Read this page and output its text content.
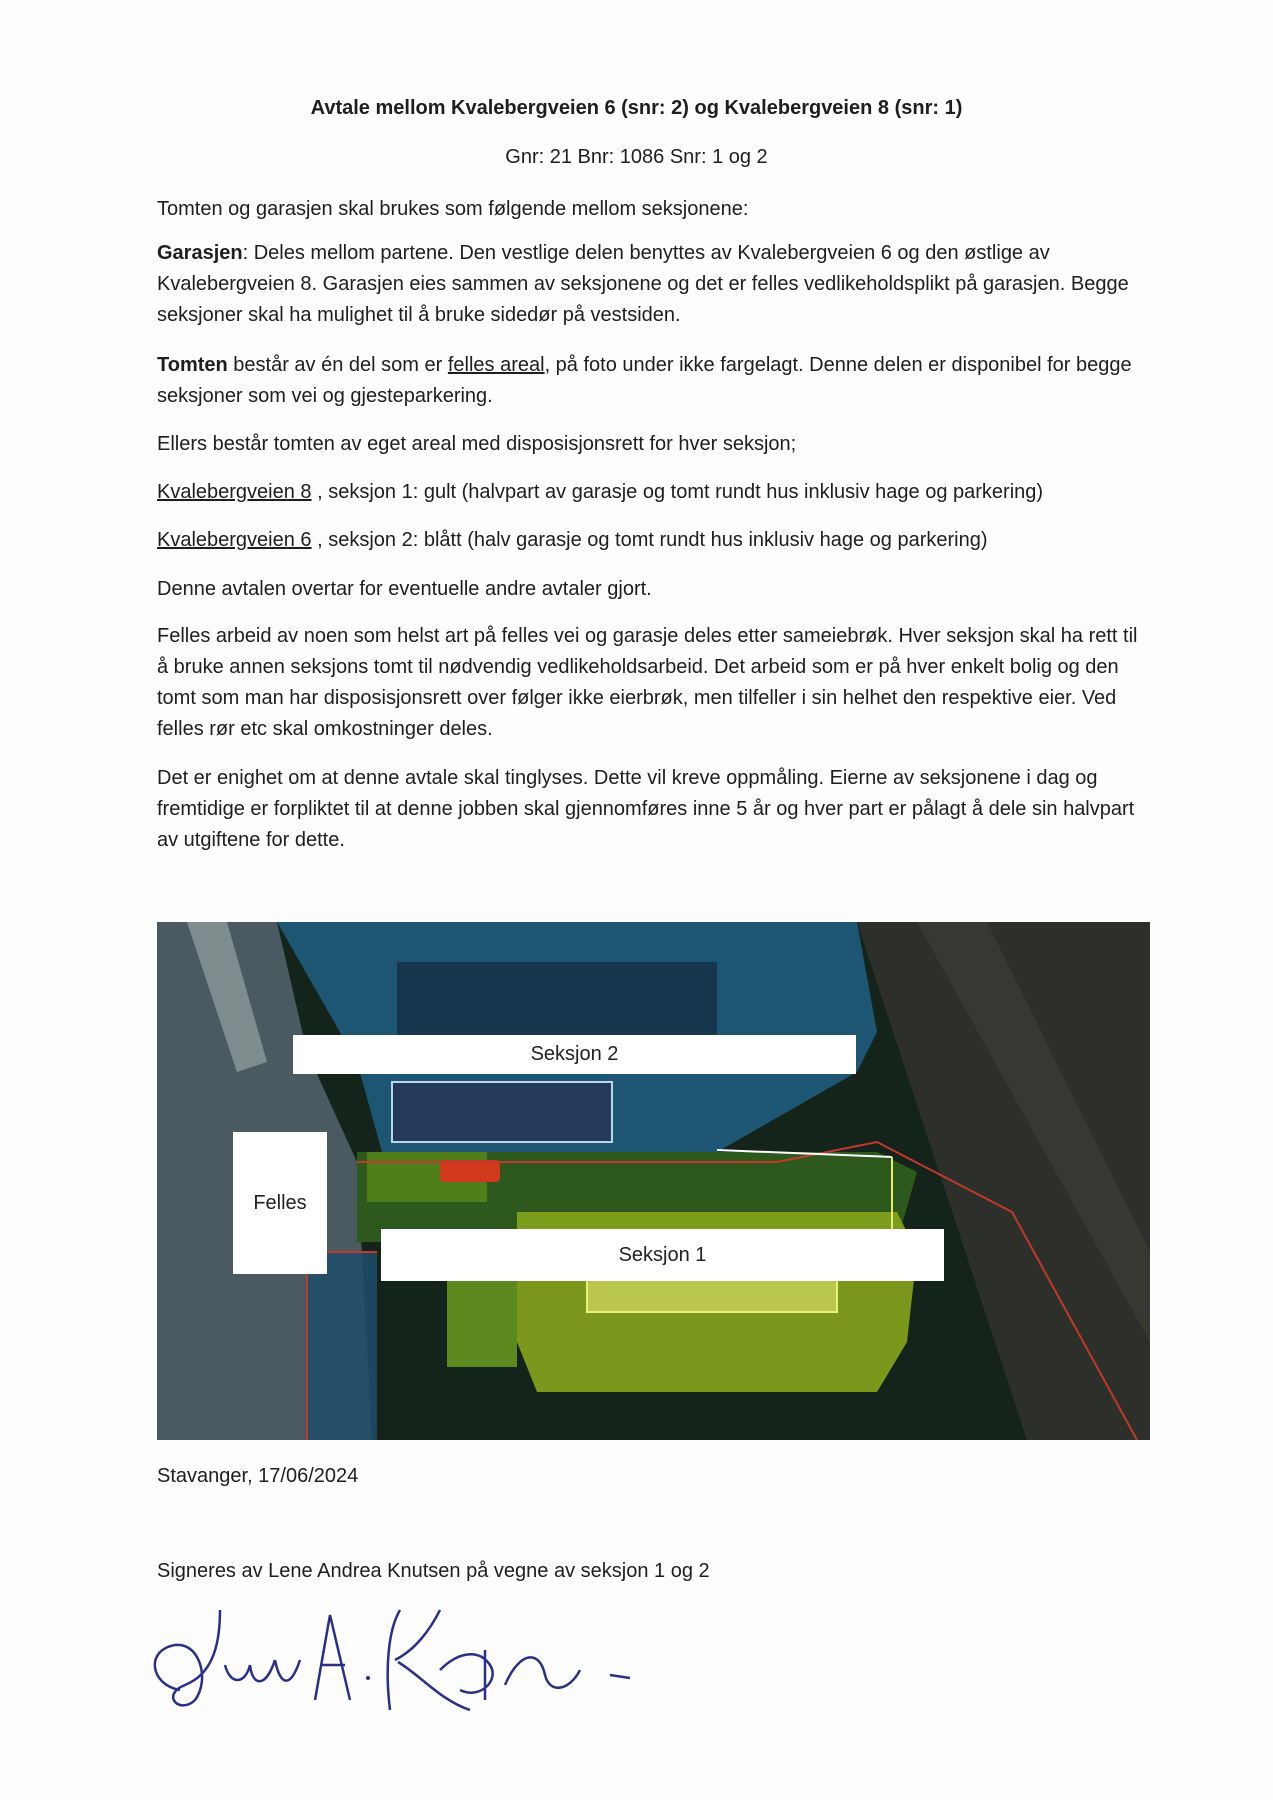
Avtale mellom Kvalebergveien 6 (snr: 2) og Kvalebergveien 8 (snr: 1)
Gnr: 21 Bnr: 1086 Snr: 1 og 2

Tomten og garasjen skal brukes som følgende mellom seksjonene:

Garasjen: Deles mellom partene. Den vestlige delen benyttes av Kvalebergveien 6 og den østlige av Kvalebergveien 8. Garasjen eies sammen av seksjonene og det er felles vedlikeholdsplikt på garasjen. Begge seksjoner skal ha mulighet til å bruke sidedør på vestsiden.

Tomten består av én del som er felles areal, på foto under ikke fargelagt. Denne delen er disponibel for begge seksjoner som vei og gjesteparkering.

Ellers består tomten av eget areal med disposisjonsrett for hver seksjon;

Kvalebergveien 8 , seksjon 1: gult (halvpart av garasje og tomt rundt hus inklusiv hage og parkering)

Kvalebergveien 6 , seksjon 2: blått (halv garasje og tomt rundt hus inklusiv hage og parkering)

Denne avtalen overtar for eventuelle andre avtaler gjort.

Felles arbeid av noen som helst art på felles vei og garasje deles etter sameiebrøk. Hver seksjon skal ha rett til å bruke annen seksjons tomt til nødvendig vedlikeholdsarbeid. Det arbeid som er på hver enkelt bolig og den tomt som man har disposisjonsrett over følger ikke eierbrøk, men tilfeller i sin helhet den respektive eier. Ved felles rør etc skal omkostninger deles.

Det er enighet om at denne avtale skal tinglyses. Dette vil kreve oppmåling. Eierne av seksjonene i dag og fremtidige er forpliktet til at denne jobben skal gjennomføres inne 5 år og hver part er pålagt å dele sin halvpart av utgiftene for dette.

Seksjon 2
Felles
Seksjon 1
Stavanger, 17/06/2024
Signeres av Lene Andrea Knutsen på vegne av seksjon 1 og 2
